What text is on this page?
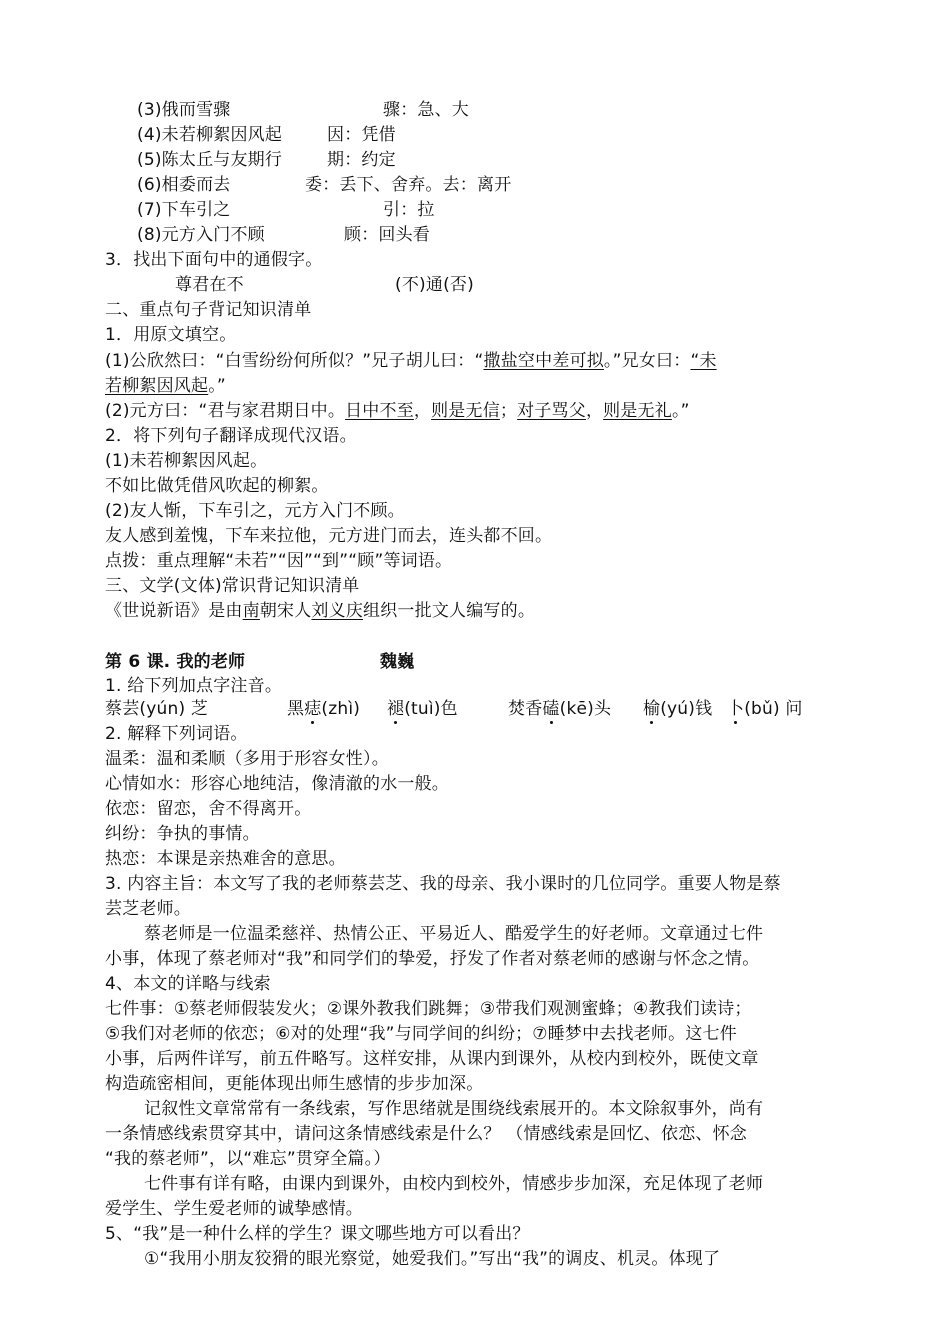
(3)俄而雪骤	骤：急、大
(4)未若柳絮因风起	因：凭借
(5)陈太丘与友期行	期：约定
(6)相委而去	委：丢下、舍弃。去：离开
(7)下车引之	引：拉
(8)元方入门不顾	顾：回头看
3．找出下面句中的通假字。
尊君在不	(不)通(否)
二、重点句子背记知识清单
1．用原文填空。
(1)公欣然曰：“白雪纷纷何所似？”兄子胡儿曰：“撒盐空中差可拟。”兄女曰：“未
若柳絮因风起。”
(2)元方曰：“君与家君期日中。日中不至，则是无信；对子骂父，则是无礼。”
2．将下列句子翻译成现代汉语。
(1)未若柳絮因风起。
不如比做凭借风吹起的柳絮。
(2)友人惭，下车引之，元方入门不顾。
友人感到羞愧，下车来拉他，元方进门而去，连头都不回。
点拨：重点理解“未若”“因”“到”“顾”等词语。
三、文学(文体)常识背记知识清单
《世说新语》是由南朝宋人刘义庆组织一批文人编写的。
第 6 课. 我的老师	魏巍
1. 给下列加点字注音。
蔡芸(yún) 芝	黑痣(zhì) 褪(tuì)色	焚香磕(kē)头 榆(yú)钱 卜(bǔ) 问
2. 解释下列词语。
温柔：温和柔顺（多用于形容女性）。
心情如水：形容心地纯洁，像清澈的水一般。
依恋：留恋，舍不得离开。
纠纷：争执的事情。
热恋：本课是亲热难舍的意思。
3. 内容主旨：本文写了我的老师蔡芸芝、我的母亲、我小课时的几位同学。重要人物是蔡
芸芝老师。
蔡老师是一位温柔慈祥、热情公正、平易近人、酷爱学生的好老师。文章通过七件
小事，体现了蔡老师对“我”和同学们的挚爱，抒发了作者对蔡老师的感谢与怀念之情。
4、本文的详略与线索
七件事：①蔡老师假装发火；②课外教我们跳舞；③带我们观测蜜蜂；④教我们读诗；
⑤我们对老师的依恋；⑥对的处理“我”与同学间的纠纷；⑦睡梦中去找老师。这七件
小事，后两件详写，前五件略写。这样安排，从课内到课外，从校内到校外，既使文章
构造疏密相间，更能体现出师生感情的步步加深。
记叙性文章常常有一条线索，写作思绪就是围绕线索展开的。本文除叙事外，尚有
一条情感线索贯穿其中，请问这条情感线索是什么？ （情感线索是回忆、依恋、怀念
“我的蔡老师”，以“难忘”贯穿全篇。）
七件事有详有略，由课内到课外，由校内到校外，情感步步加深，充足体现了老师
爱学生、学生爱老师的诚挚感情。
5、“我”是一种什么样的学生？课文哪些地方可以看出？
①“我用小朋友狡猾的眼光察觉，她爱我们。”写出“我”的调皮、机灵。体现了
